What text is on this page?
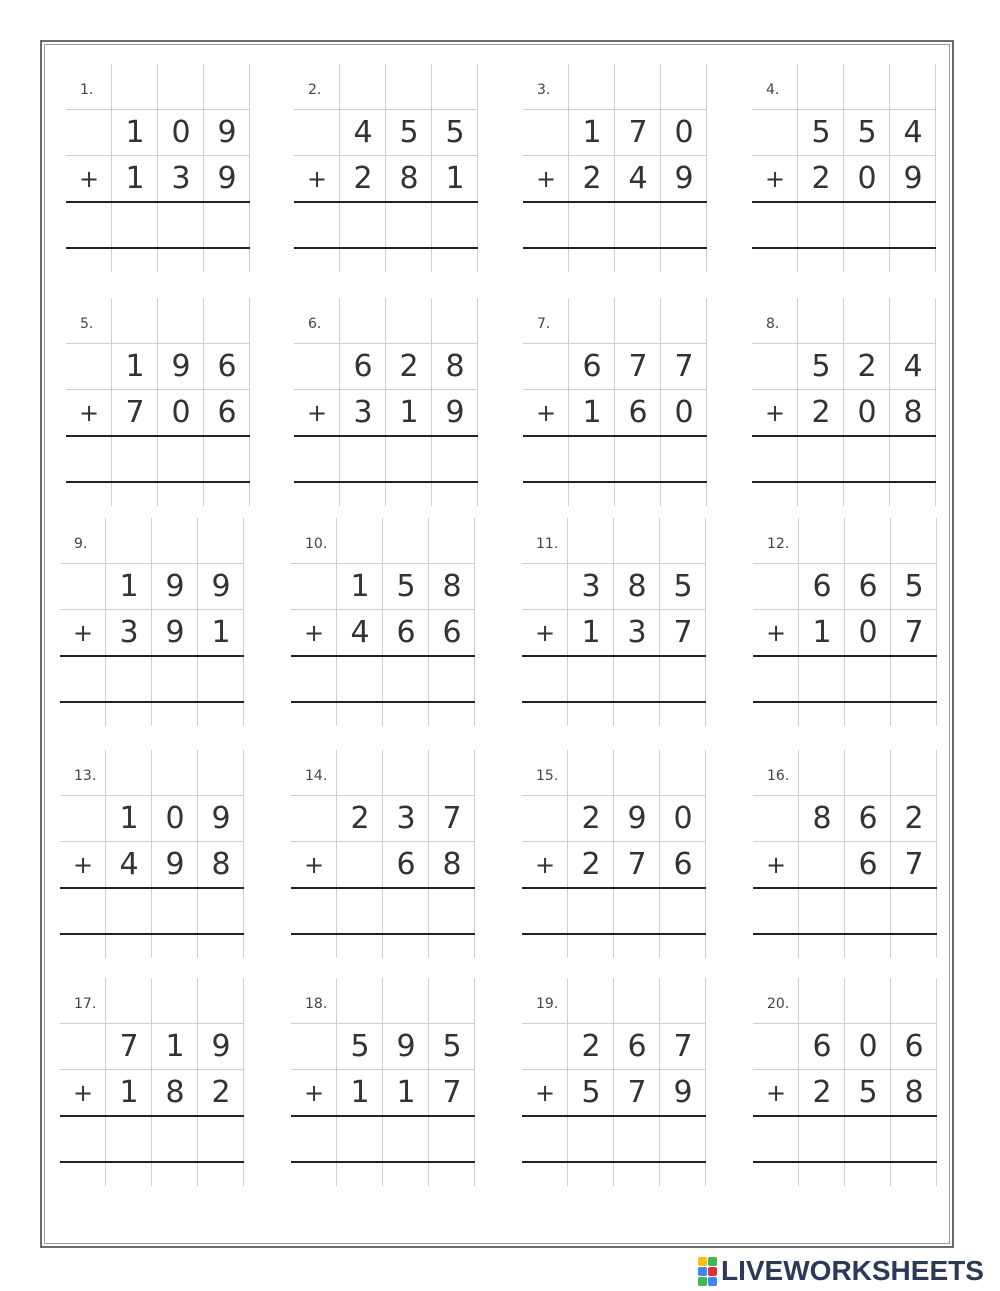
1.
1 0 9
+ 1 3 9
2.
4 5 5
+ 2 8 1
3.
1 7 0
+ 2 4 9
4.
5 5 4
+ 2 0 9
5.
1 9 6
+ 7 0 6
6.
6 2 8
+ 3 1 9
7.
6 7 7
+ 1 6 0
8.
5 2 4
+ 2 0 8
9.
1 9 9
+ 3 9 1
10.
1 5 8
+ 4 6 6
11.
3 8 5
+ 1 3 7
12.
6 6 5
+ 1 0 7
13.
1 0 9
+ 4 9 8
14.
2 3 7
+	6 8
15.
2 9 0
+ 2 7 6
16.
8 6 2
+	6 7
17.
7 1 9
+ 1 8 2
18.
5 9 5
+ 1 1 7
19.
2 6 7
+ 5 7 9
20.
6 0 6
+ 2 5 8
LIVEWORKSHEETS
